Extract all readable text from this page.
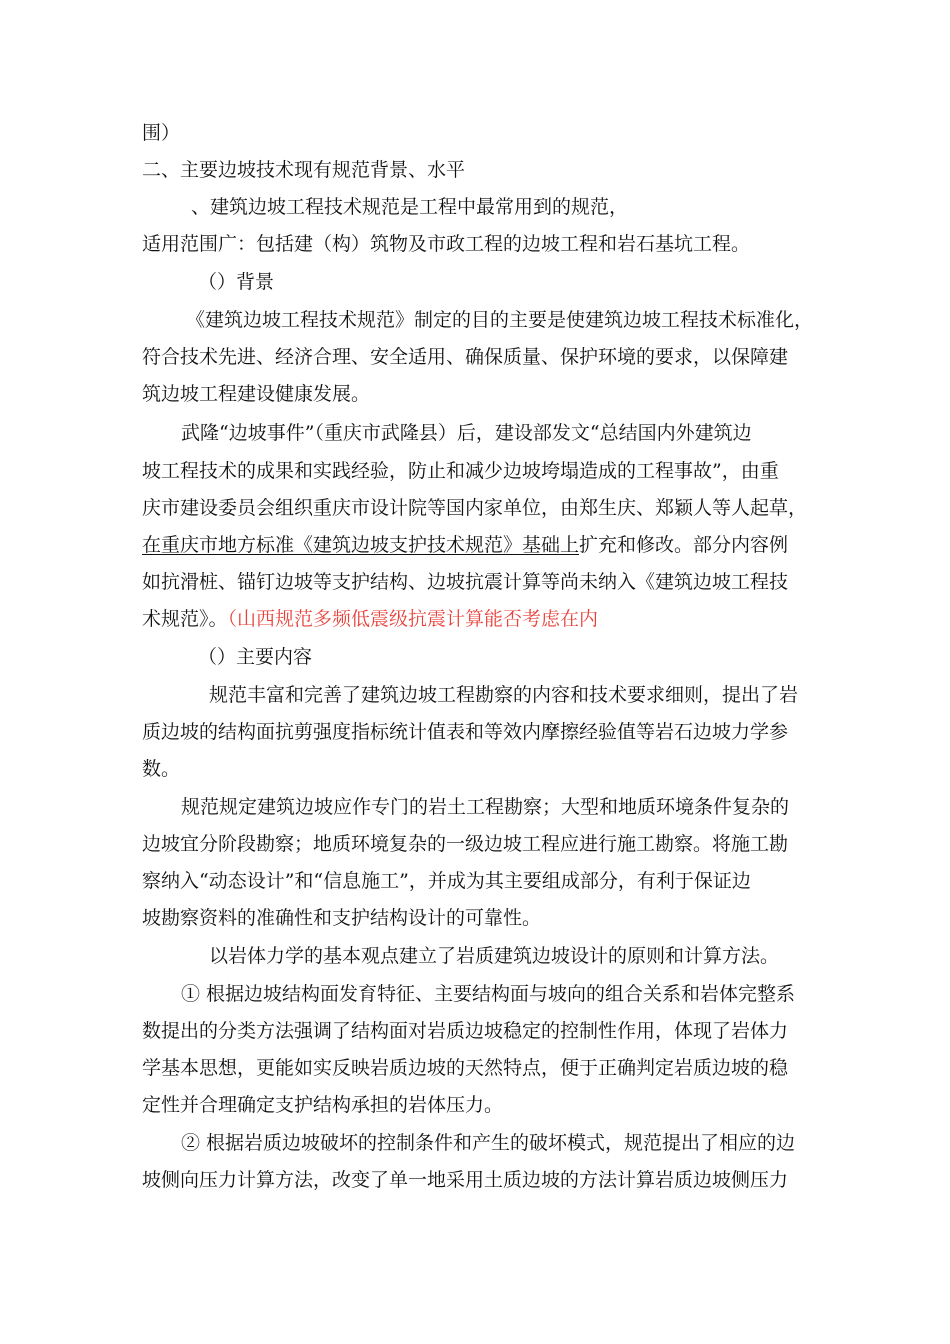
围）
二、主要边坡技术现有规范背景、水平
、建筑边坡工程技术规范是工程中最常用到的规范，
适用范围广：包括建（构）筑物及市政工程的边坡工程和岩石基坑工程。
（）背景
《建筑边坡工程技术规范》制定的目的主要是使建筑边坡工程技术标准化，
符合技术先进、经济合理、安全适用、确保质量、保护环境的要求，以保障建
筑边坡工程建设健康发展。
武隆“边坡事件”（重庆市武隆县）后，建设部发文“总结国内外建筑边
坡工程技术的成果和实践经验，防止和减少边坡垮塌造成的工程事故”，由重
庆市建设委员会组织重庆市设计院等国内家单位，由郑生庆、郑颖人等人起草，
在重庆市地方标准《建筑边坡支护技术规范》基础上扩充和修改。部分内容例
如抗滑桩、锚钉边坡等支护结构、边坡抗震计算等尚未纳入《建筑边坡工程技
术规范》。（山西规范多频低震级抗震计算能否考虑在内
（）主要内容
规范丰富和完善了建筑边坡工程勘察的内容和技术要求细则，提出了岩
质边坡的结构面抗剪强度指标统计值表和等效内摩擦经验值等岩石边坡力学参
数。
规范规定建筑边坡应作专门的岩土工程勘察；大型和地质环境条件复杂的
边坡宜分阶段勘察；地质环境复杂的一级边坡工程应进行施工勘察。将施工勘
察纳入“动态设计”和“信息施工”，并成为其主要组成部分，有利于保证边
坡勘察资料的准确性和支护结构设计的可靠性。
以岩体力学的基本观点建立了岩质建筑边坡设计的原则和计算方法。
① 根据边坡结构面发育特征、主要结构面与坡向的组合关系和岩体完整系
数提出的分类方法强调了结构面对岩质边坡稳定的控制性作用，体现了岩体力
学基本思想，更能如实反映岩质边坡的天然特点，便于正确判定岩质边坡的稳
定性并合理确定支护结构承担的岩体压力。
② 根据岩质边坡破坏的控制条件和产生的破坏模式，规范提出了相应的边
坡侧向压力计算方法，改变了单一地采用土质边坡的方法计算岩质边坡侧压力
